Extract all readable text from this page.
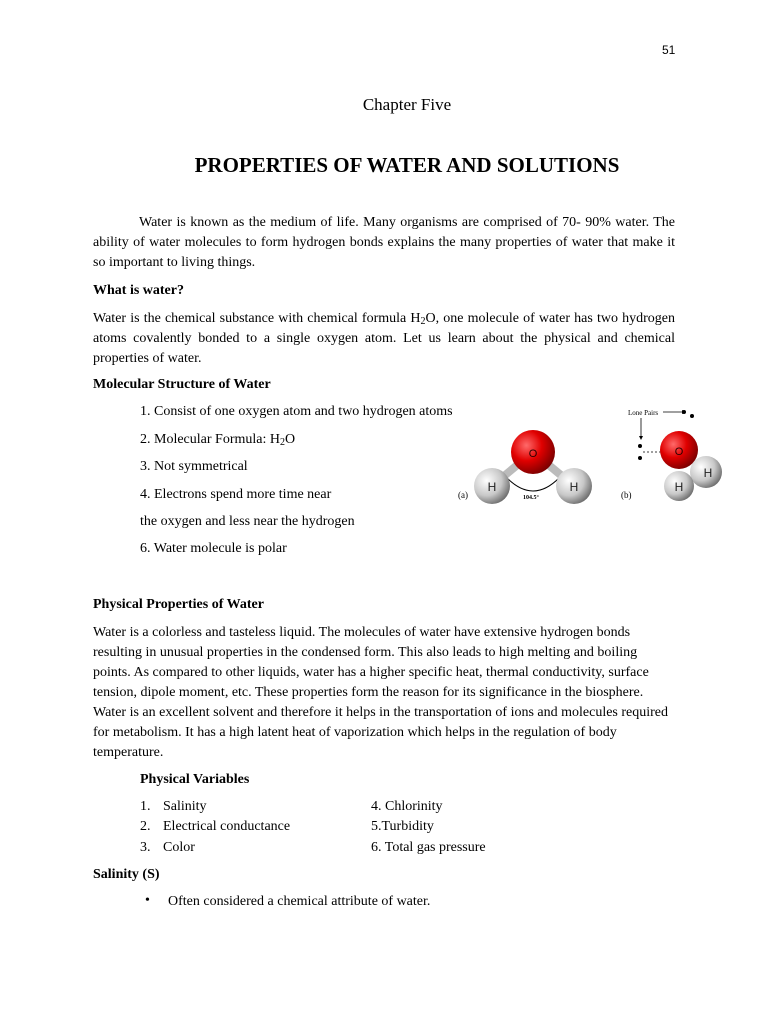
51
Chapter Five
PROPERTIES OF WATER AND SOLUTIONS
Water is known as the medium of life. Many organisms are comprised of 70- 90% water. The ability of water molecules to form hydrogen bonds explains the many properties of water that make it so important to living things.
What is water?
Water is the chemical substance with chemical formula $H_2O$, one molecule of water has two hydrogen atoms covalently bonded to a single oxygen atom. Let us learn about the physical and chemical properties of water.
Molecular Structure of Water
1. Consist of one oxygen atom and two hydrogen atoms
2. Molecular Formula: $H_2O$
3. Not symmetrical
4. Electrons spend more time near
the oxygen and less near the hydrogen
6. Water molecule is polar
O
H	H
104.5°
(a)
Lone Pairs
O
H
H
(b)
Physical Properties of Water
Water is a colorless and tasteless liquid. The molecules of water have extensive hydrogen bonds resulting in unusual properties in the condensed form. This also leads to high melting and boiling points. As compared to other liquids, water has a higher specific heat, thermal conductivity, surface tension, dipole moment, etc. These properties form the reason for its significance in the biosphere. Water is an excellent solvent and therefore it helps in the transportation of ions and molecules required for metabolism. It has a high latent heat of vaporization which helps in the regulation of body temperature.
Physical Variables
1. Salinity
2. Electrical conductance
3. Color
4. Chlorinity
5.Turbidity
6. Total gas pressure
Salinity (S)
• Often considered a chemical attribute of water.
